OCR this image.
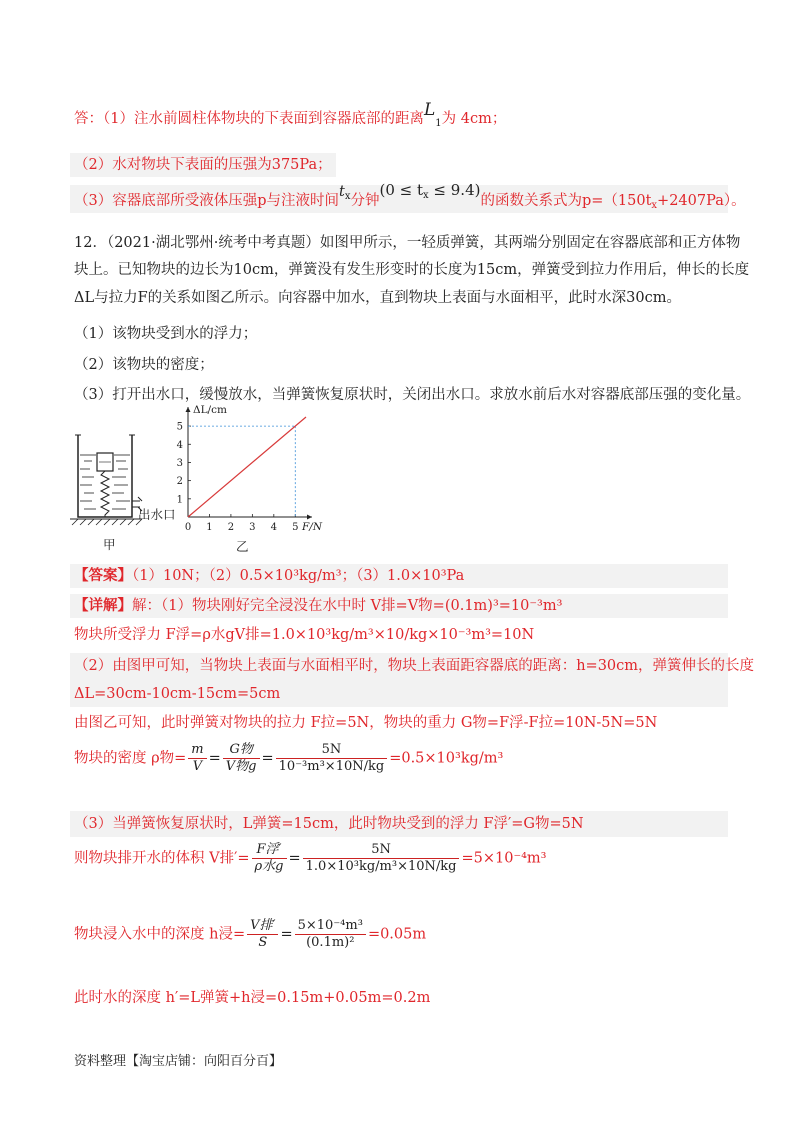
答：（1）注水前圆柱体物块的下表面到容器底部的距离$L_1$为 4cm；
（2）水对物块下表面的压强为375Pa；
（3）容器底部所受液体压强p与注液时间$t^x$分钟$(0 \le t_x \le 9.4)$的函数关系式为$p=(150t_x+2407Pa)$。
12．（2021·湖北鄂州·统考中考真题）如图甲所示，一轻质弹簧，其两端分别固定在容器底部和正方体物
块上。已知物块的边长为10cm，弹簧没有发生形变时的长度为15cm，弹簧受到拉力作用后，伸长的长度
ΔL与拉力F的关系如图乙所示。向容器中加水，直到物块上表面与水面相平，此时水深30cm。
（1）该物块受到水的浮力；
（2）该物块的密度；
（3）打开出水口，缓慢放水，当弹簧恢复原状时，关闭出水口。求放水前后水对容器底部压强的变化量。
出水口
甲
0 1 2 3 4 5
1
2
3
4
5
ΔL/cm
F/N
乙
【答案】（1）10N；（2）0.5×10³kg/m³；（3）1.0×10³Pa
【详解】解：（1）物块刚好完全浸没在水中时 V排=V物=(0.1m)³=10⁻³m³
物块所受浮力 F浮=ρ水gV排=1.0×10³kg/m³×10/kg×10⁻³m³=10N
（2）由图甲可知，当物块上表面与水面相平时，物块上表面距容器底的距离：h=30cm，弹簧伸长的长度
ΔL=30cm-10cm-15cm=5cm
由图乙可知，此时弹簧对物块的拉力 F拉=5N，物块的重力 G物=F浮-F拉=10N-5N=5N
物块的密度 ρ物= $\frac{m}{V} = \frac{\text{G物}}{\text{V物g}} = \frac{5N}{\text{10⁻³m³×10N/kg}} =0.5\times 10^3kg/m^3$
（3）当弹簧恢复原状时，L弹簧=15cm，此时物块受到的浮力 F浮′=G物=5N
则物块排开水的体积 V排′= $\frac{\text{F浮′}}{\text{ρ水g}} = \frac{5N}{\text{1.0×10³kg/m³×10N/kg}} =5\times 10^{-4}m^3$
物块浸入水中的深度 h浸= $\frac{\text{V排′}}{S} = \frac{\text{5×10⁻⁴m³}}{\text{(0.1m)²}} =0.05m$
此时水的深度 h′=L弹簧+h浸=0.15m+0.05m=0.2m
资料整理【淘宝店铺：向阳百分百】
